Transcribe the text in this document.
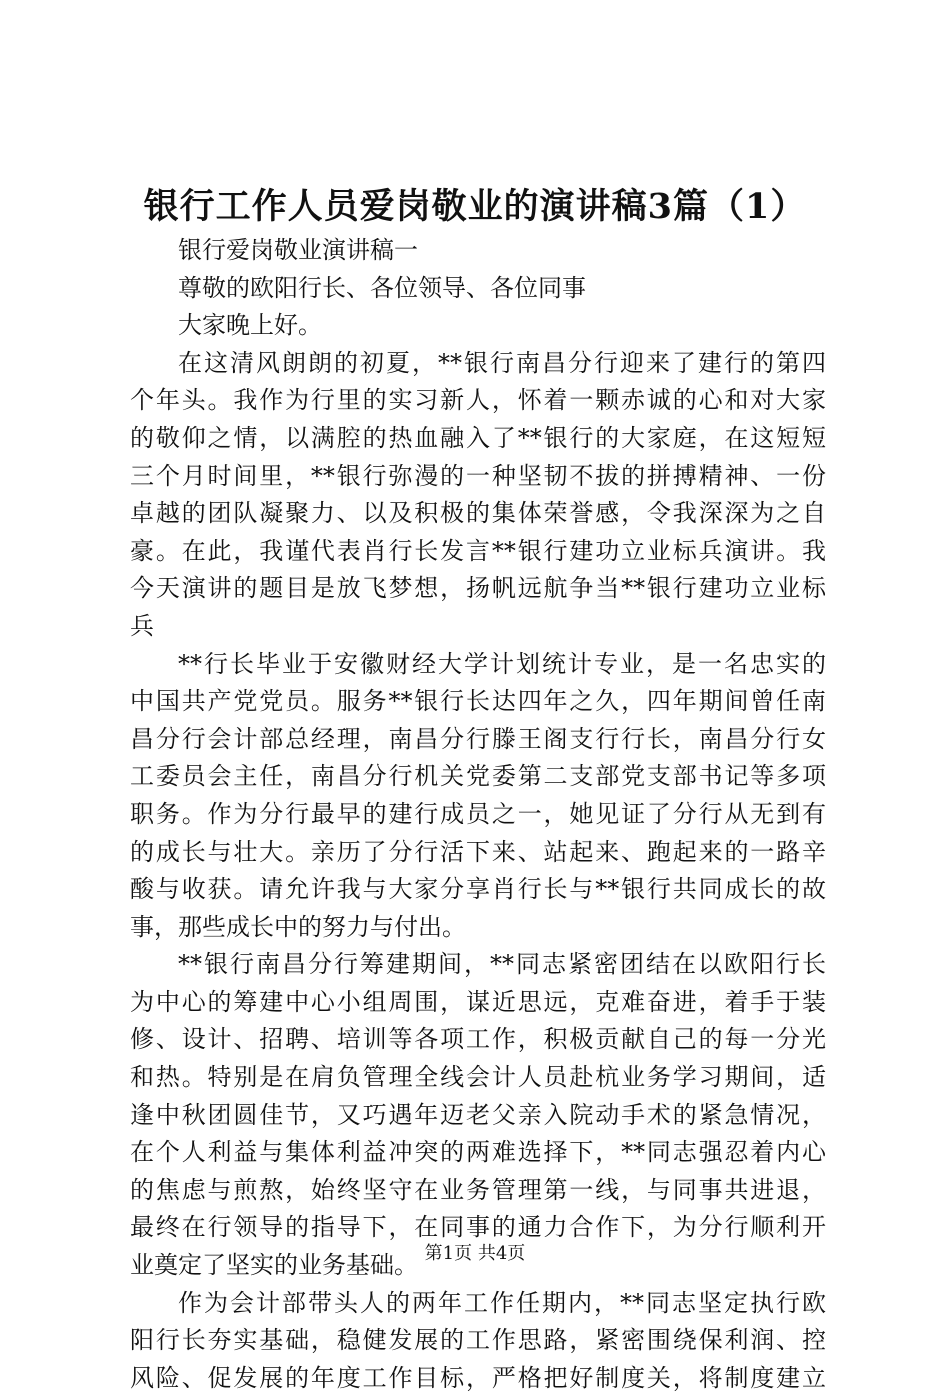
银行工作人员爱岗敬业的演讲稿3篇（1）
银行爱岗敬业演讲稿一
尊敬的欧阳行长、各位领导、各位同事
大家晚上好。
在这清风朗朗的初夏，**银行南昌分行迎来了建行的第四
个年头。我作为行里的实习新人，怀着一颗赤诚的心和对大家
的敬仰之情，以满腔的热血融入了**银行的大家庭，在这短短
三个月时间里，**银行弥漫的一种坚韧不拔的拼搏精神、一份
卓越的团队凝聚力、以及积极的集体荣誉感，令我深深为之自
豪。在此，我谨代表肖行长发言**银行建功立业标兵演讲。我
今天演讲的题目是放飞梦想，扬帆远航争当**银行建功立业标
兵
**行长毕业于安徽财经大学计划统计专业，是一名忠实的
中国共产党党员。服务**银行长达四年之久，四年期间曾任南
昌分行会计部总经理，南昌分行滕王阁支行行长，南昌分行女
工委员会主任，南昌分行机关党委第二支部党支部书记等多项
职务。作为分行最早的建行成员之一，她见证了分行从无到有
的成长与壮大。亲历了分行活下来、站起来、跑起来的一路辛
酸与收获。请允许我与大家分享肖行长与**银行共同成长的故
事，那些成长中的努力与付出。
**银行南昌分行筹建期间，**同志紧密团结在以欧阳行长
为中心的筹建中心小组周围，谋近思远，克难奋进，着手于装
修、设计、招聘、培训等各项工作，积极贡献自己的每一分光
和热。特别是在肩负管理全线会计人员赴杭业务学习期间，适
逢中秋团圆佳节，又巧遇年迈老父亲入院动手术的紧急情况，
在个人利益与集体利益冲突的两难选择下，**同志强忍着内心
的焦虑与煎熬，始终坚守在业务管理第一线，与同事共进退，
最终在行领导的指导下，在同事的通力合作下，为分行顺利开
业奠定了坚实的业务基础。
作为会计部带头人的两年工作任期内，**同志坚定执行欧
阳行长夯实基础，稳健发展的工作思路，紧密围绕保利润、控
风险、促发展的年度工作目标，严格把好制度关，将制度建立
第1页 共4页
